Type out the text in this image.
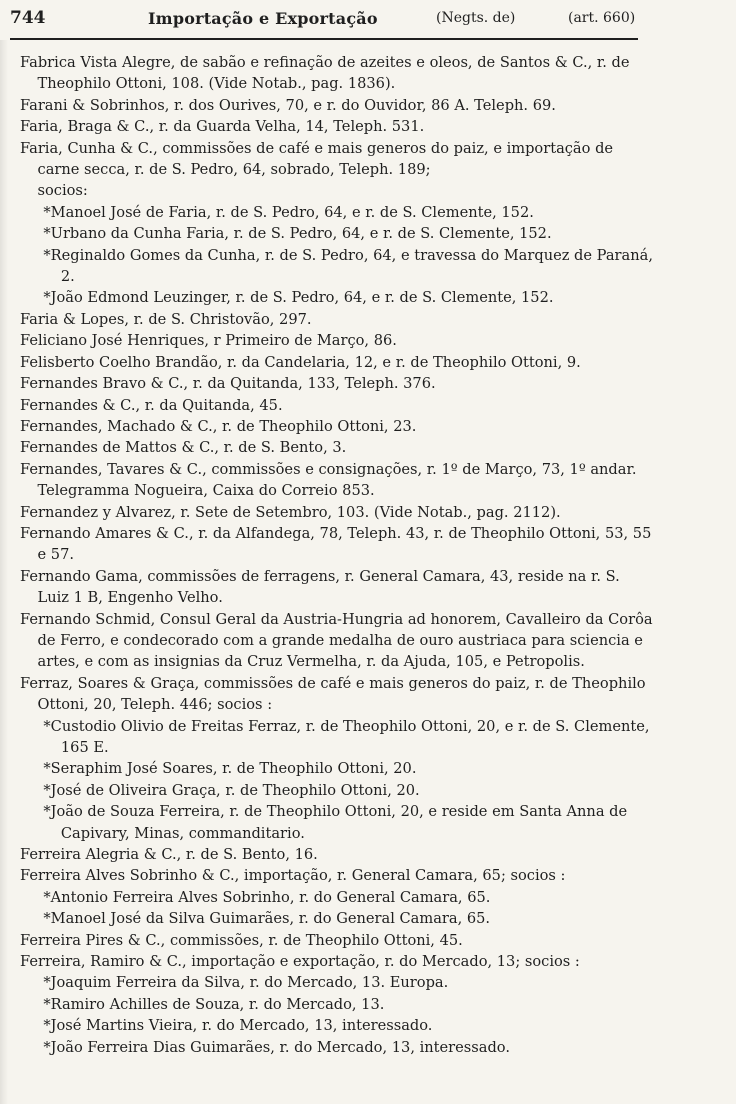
744	Importação e Exportação	(Negts. de)	(art. 660)

Fabrica Vista Alegre, de sabão e refinação de azeites e oleos, de Santos & C., r. de Theophilo Ottoni, 108. (Vide Notab., pag. 1836).

Farani & Sobrinhos, r. dos Ourives, 70, e r. do Ouvidor, 86 A. Teleph. 69.

Faria, Braga & C., r. da Guarda Velha, 14, Teleph. 531.

Faria, Cunha & C., commissões de café e mais generos do paiz, e importação de carne secca, r. de S. Pedro, 64, sobrado, Teleph. 189;

socios:

*Manoel José de Faria, r. de S. Pedro, 64, e r. de S. Clemente, 152.

*Urbano da Cunha Faria, r. de S. Pedro, 64, e r. de S. Clemente, 152.

*Reginaldo Gomes da Cunha, r. de S. Pedro, 64, e travessa do Marquez de Paraná, 2.

*João Edmond Leuzinger, r. de S. Pedro, 64, e r. de S. Clemente, 152.

Faria & Lopes, r. de S. Christovão, 297.

Feliciano José Henriques, r Primeiro de Março, 86.

Felisberto Coelho Brandão, r. da Candelaria, 12, e r. de Theophilo Ottoni, 9.

Fernandes Bravo & C., r. da Quitanda, 133, Teleph. 376.

Fernandes & C., r. da Quitanda, 45.

Fernandes, Machado & C., r. de Theophilo Ottoni, 23.

Fernandes de Mattos & C., r. de S. Bento, 3.

Fernandes, Tavares & C., commissões e consignações, r. 1º de Março, 73, 1º andar. Telegramma Nogueira, Caixa do Correio 853.

Fernandez y Alvarez, r. Sete de Setembro, 103. (Vide Notab., pag. 2112).

Fernando Amares & C., r. da Alfandega, 78, Teleph. 43, r. de Theophilo Ottoni, 53, 55 e 57.

Fernando Gama, commissões de ferragens, r. General Camara, 43, reside na r. S. Luiz 1 B, Engenho Velho.

Fernando Schmid, Consul Geral da Austria-Hungria ad honorem, Cavalleiro da Corôa de Ferro, e condecorado com a grande medalha de ouro austriaca para sciencia e artes, e com as insignias da Cruz Vermelha, r. da Ajuda, 105, e Petropolis.

Ferraz, Soares & Graça, commissões de café e mais generos do paiz, r. de Theophilo Ottoni, 20, Teleph. 446; socios :

*Custodio Olivio de Freitas Ferraz, r. de Theophilo Ottoni, 20, e r. de S. Clemente, 165 E.

*Seraphim José Soares, r. de Theophilo Ottoni, 20.

*José de Oliveira Graça, r. de Theophilo Ottoni, 20.

*João de Souza Ferreira, r. de Theophilo Ottoni, 20, e reside em Santa Anna de Capivary, Minas, commanditario.

Ferreira Alegria & C., r. de S. Bento, 16.

Ferreira Alves Sobrinho & C., importação, r. General Camara, 65; socios :

*Antonio Ferreira Alves Sobrinho, r. do General Camara, 65.

*Manoel José da Silva Guimarães, r. do General Camara, 65.

Ferreira Pires & C., commissões, r. de Theophilo Ottoni, 45.

Ferreira, Ramiro & C., importação e exportação, r. do Mercado, 13; socios :

*Joaquim Ferreira da Silva, r. do Mercado, 13. Europa.

*Ramiro Achilles de Souza, r. do Mercado, 13.

*José Martins Vieira, r. do Mercado, 13, interessado.

*João Ferreira Dias Guimarães, r. do Mercado, 13, interessado.
